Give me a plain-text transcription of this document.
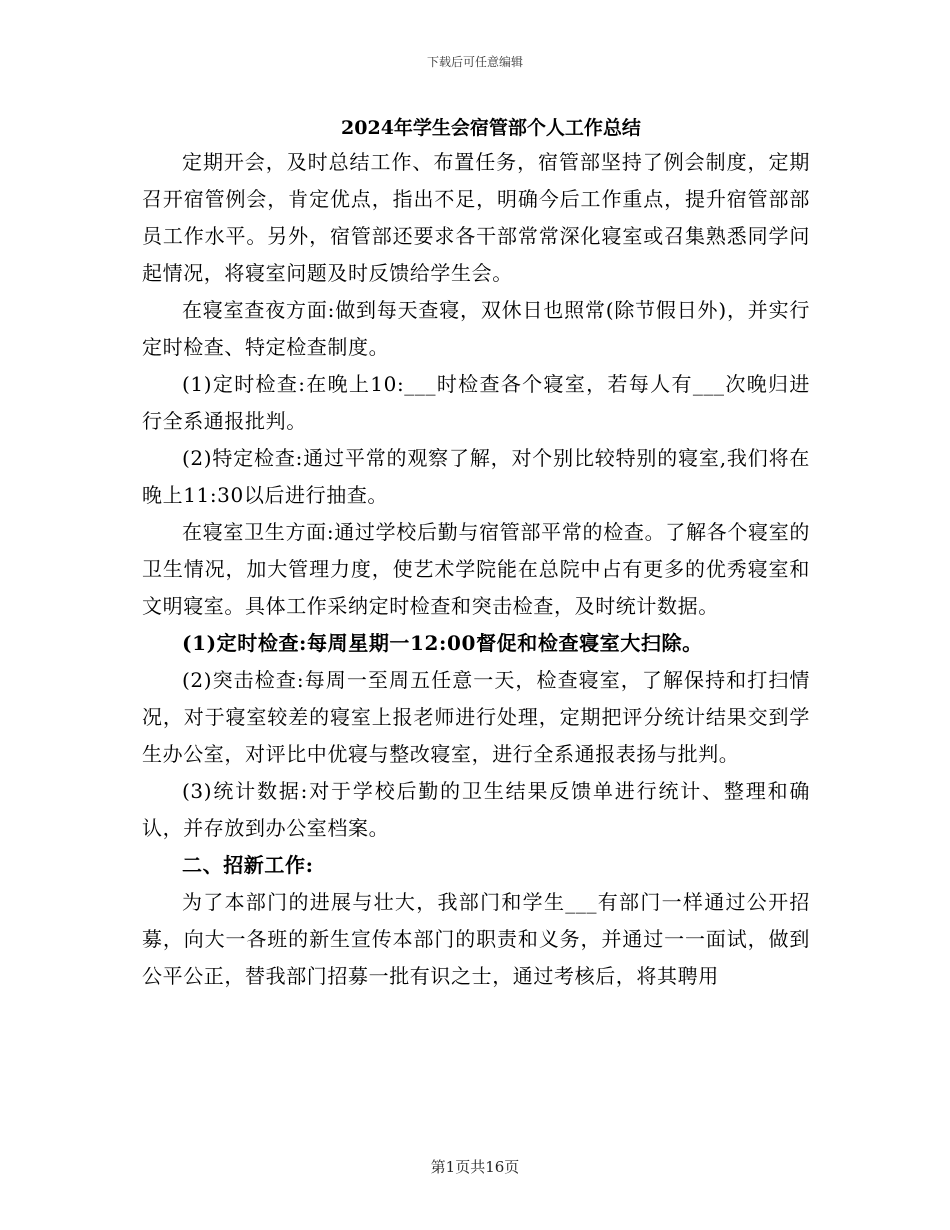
下载后可任意编辑
2024年学生会宿管部个人工作总结

定期开会，及时总结工作、布置任务，宿管部坚持了例会制度，定期召开宿管例会，肯定优点，指出不足，明确今后工作重点，提升宿管部部员工作水平。另外，宿管部还要求各干部常常深化寝室或召集熟悉同学问起情况，将寝室问题及时反馈给学生会。

在寝室查夜方面:做到每天查寝，双休日也照常(除节假日外)，并实行定时检查、特定检查制度。

(1)定时检查:在晚上10:___时检查各个寝室，若每人有___次晚归进行全系通报批判。

(2)特定检查:通过平常的观察了解，对个别比较特别的寝室,我们将在晚上11:30以后进行抽查。

在寝室卫生方面:通过学校后勤与宿管部平常的检查。了解各个寝室的卫生情况，加大管理力度，使艺术学院能在总院中占有更多的优秀寝室和文明寝室。具体工作采纳定时检查和突击检查，及时统计数据。

(1)定时检查:每周星期一12:00督促和检查寝室大扫除。

(2)突击检查:每周一至周五任意一天，检查寝室，了解保持和打扫情况，对于寝室较差的寝室上报老师进行处理，定期把评分统计结果交到学生办公室，对评比中优寝与整改寝室，进行全系通报表扬与批判。

(3)统计数据:对于学校后勤的卫生结果反馈单进行统计、整理和确认，并存放到办公室档案。

二、招新工作:

为了本部门的进展与壮大，我部门和学生___有部门一样通过公开招募，向大一各班的新生宣传本部门的职责和义务，并通过一一面试，做到公平公正，替我部门招募一批有识之士，通过考核后，将其聘用

第1页共16页
